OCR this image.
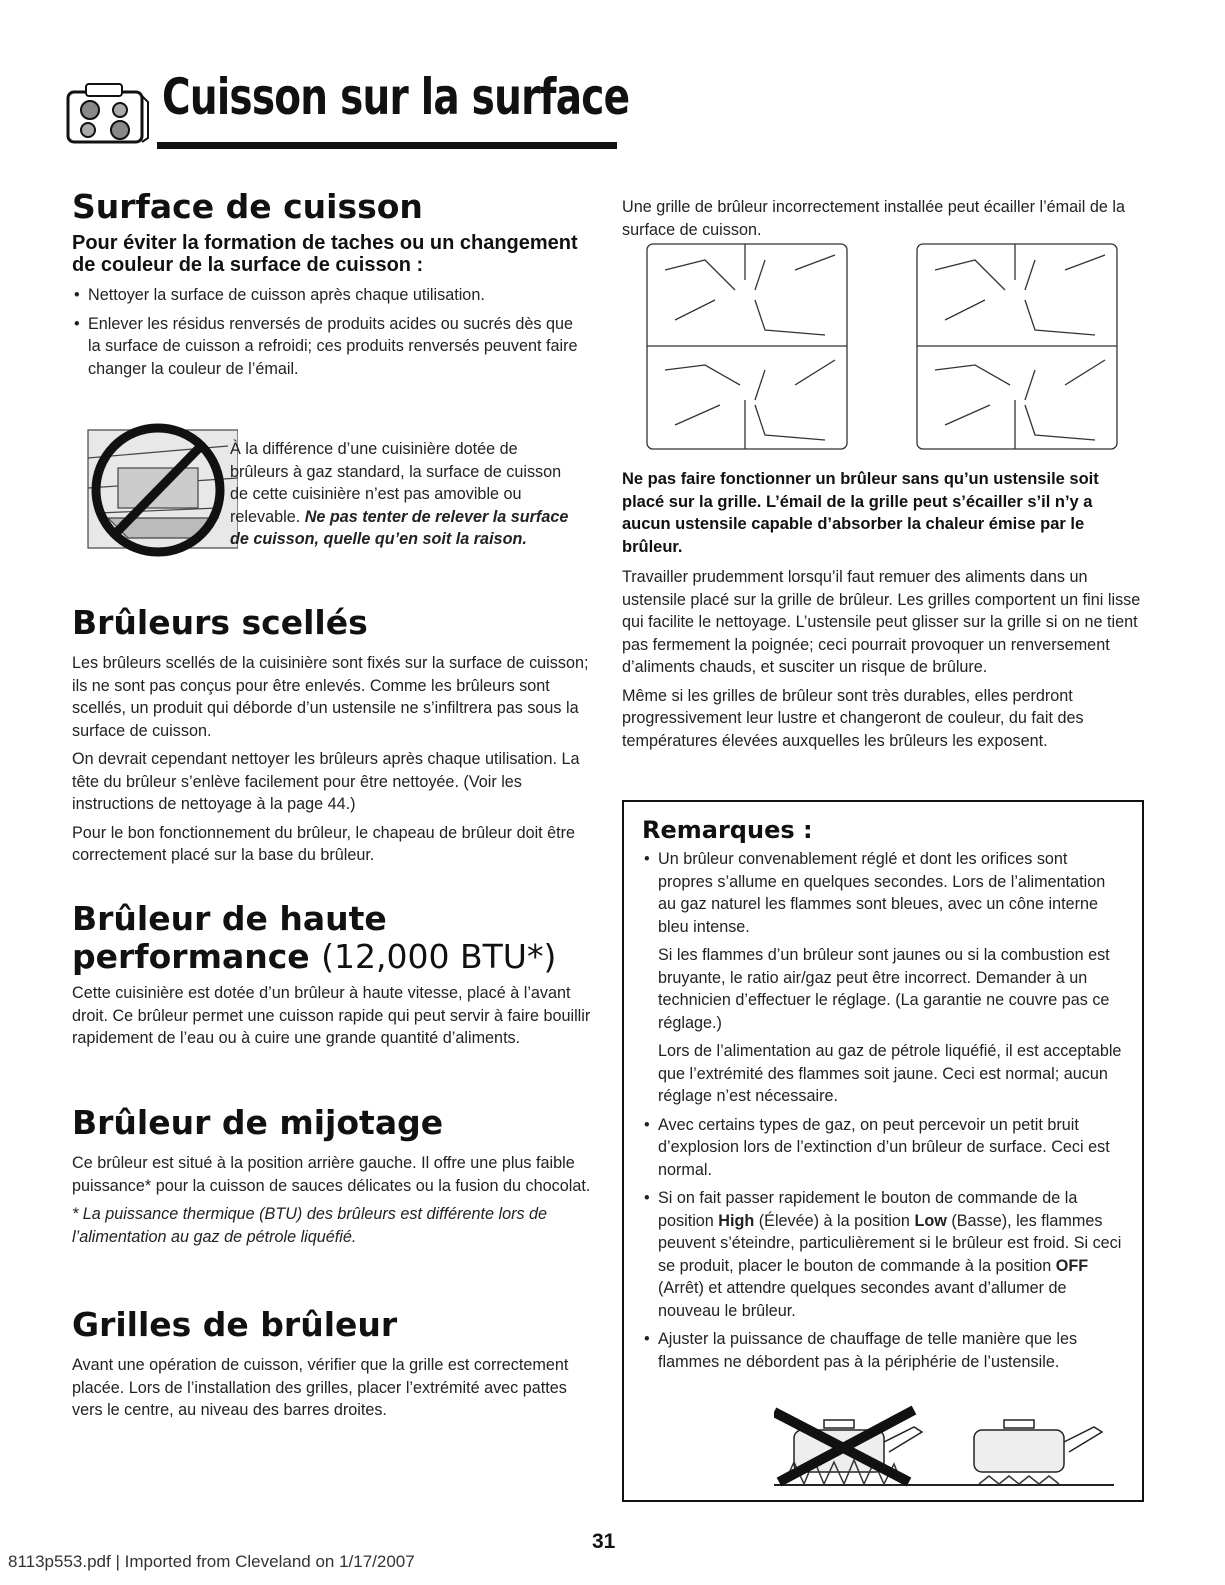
Cuisson sur la surface
Surface de cuisson
Pour éviter la formation de taches ou un changement de couleur de la surface de cuisson :
• Nettoyer la surface de cuisson après chaque utilisation.
• Enlever les résidus renversés de produits acides ou sucrés dès que la surface de cuisson a refroidi; ces produits renversés peuvent faire changer la couleur de l’émail.
À la différence d’une cuisinière dotée de brûleurs à gaz standard, la surface de cuisson de cette cuisinière n’est pas amovible ou relevable. Ne pas tenter de relever la surface de cuisson, quelle qu’en soit la raison.
Brûleurs scellés

Les brûleurs scellés de la cuisinière sont fixés sur la surface de cuisson; ils ne sont pas conçus pour être enlevés. Comme les brûleurs sont scellés, un produit qui déborde d’un ustensile ne s’infiltrera pas sous la surface de cuisson.

On devrait cependant nettoyer les brûleurs après chaque utilisation. La tête du brûleur s’enlève facilement pour être nettoyée. (Voir les instructions de nettoyage à la page 44.)

Pour le bon fonctionnement du brûleur, le chapeau de brûleur doit être correctement placé sur la base du brûleur.

Brûleur de haute
performance (12,000 BTU*)

Cette cuisinière est dotée d’un brûleur à haute vitesse, placé à l’avant droit. Ce brûleur permet une cuisson rapide qui peut servir à faire bouillir rapidement de l’eau ou à cuire une grande quantité d’aliments.

Brûleur de mijotage

Ce brûleur est situé à la position arrière gauche. Il offre une plus faible puissance* pour la cuisson de sauces délicates ou la fusion du chocolat.

* La puissance thermique (BTU) des brûleurs est différente lors de l’alimentation au gaz de pétrole liquéfié.

Grilles de brûleur

Avant une opération de cuisson, vérifier que la grille est correctement placée. Lors de l’installation des grilles, placer l’extrémité avec pattes vers le centre, au niveau des barres droites.

Une grille de brûleur incorrectement installée peut écailler l’émail de la surface de cuisson.
Ne pas faire fonctionner un brûleur sans qu’un ustensile soit placé sur la grille. L’émail de la grille peut s’écailler s’il n’y a aucun ustensile capable d’absorber la chaleur émise par le brûleur.

Travailler prudemment lorsqu’il faut remuer des aliments dans un ustensile placé sur la grille de brûleur. Les grilles comportent un fini lisse qui facilite le nettoyage. L’ustensile peut glisser sur la grille si on ne tient pas fermement la poignée; ceci pourrait provoquer un renversement d’aliments chauds, et susciter un risque de brûlure.

Même si les grilles de brûleur sont très durables, elles perdront progressivement leur lustre et changeront de couleur, du fait des températures élevées auxquelles les brûleurs les exposent.

Remarques :
• Un brûleur convenablement réglé et dont les orifices sont propres s’allume en quelques secondes. Lors de l’alimentation au gaz naturel les flammes sont bleues, avec un cône interne bleu intense.
Si les flammes d’un brûleur sont jaunes ou si la combustion est bruyante, le ratio air/gaz peut être incorrect. Demander à un technicien d’effectuer le réglage. (La garantie ne couvre pas ce réglage.)
Lors de l’alimentation au gaz de pétrole liquéfié, il est acceptable que l’extrémité des flammes soit jaune. Ceci est normal; aucun réglage n’est nécessaire.
• Avec certains types de gaz, on peut percevoir un petit bruit d’explosion lors de l’extinction d’un brûleur de surface. Ceci est normal.
• Si on fait passer rapidement le bouton de commande de la position High (Élevée) à la position Low (Basse), les flammes peuvent s’éteindre, particulièrement si le brûleur est froid. Si ceci se produit, placer le bouton de commande à la position OFF (Arrêt) et attendre quelques secondes avant d’allumer de nouveau le brûleur.
• Ajuster la puissance de chauffage de telle manière que les flammes ne débordent pas à la périphérie de l’ustensile.
31
8113p553.pdf | Imported from Cleveland on 1/17/2007
